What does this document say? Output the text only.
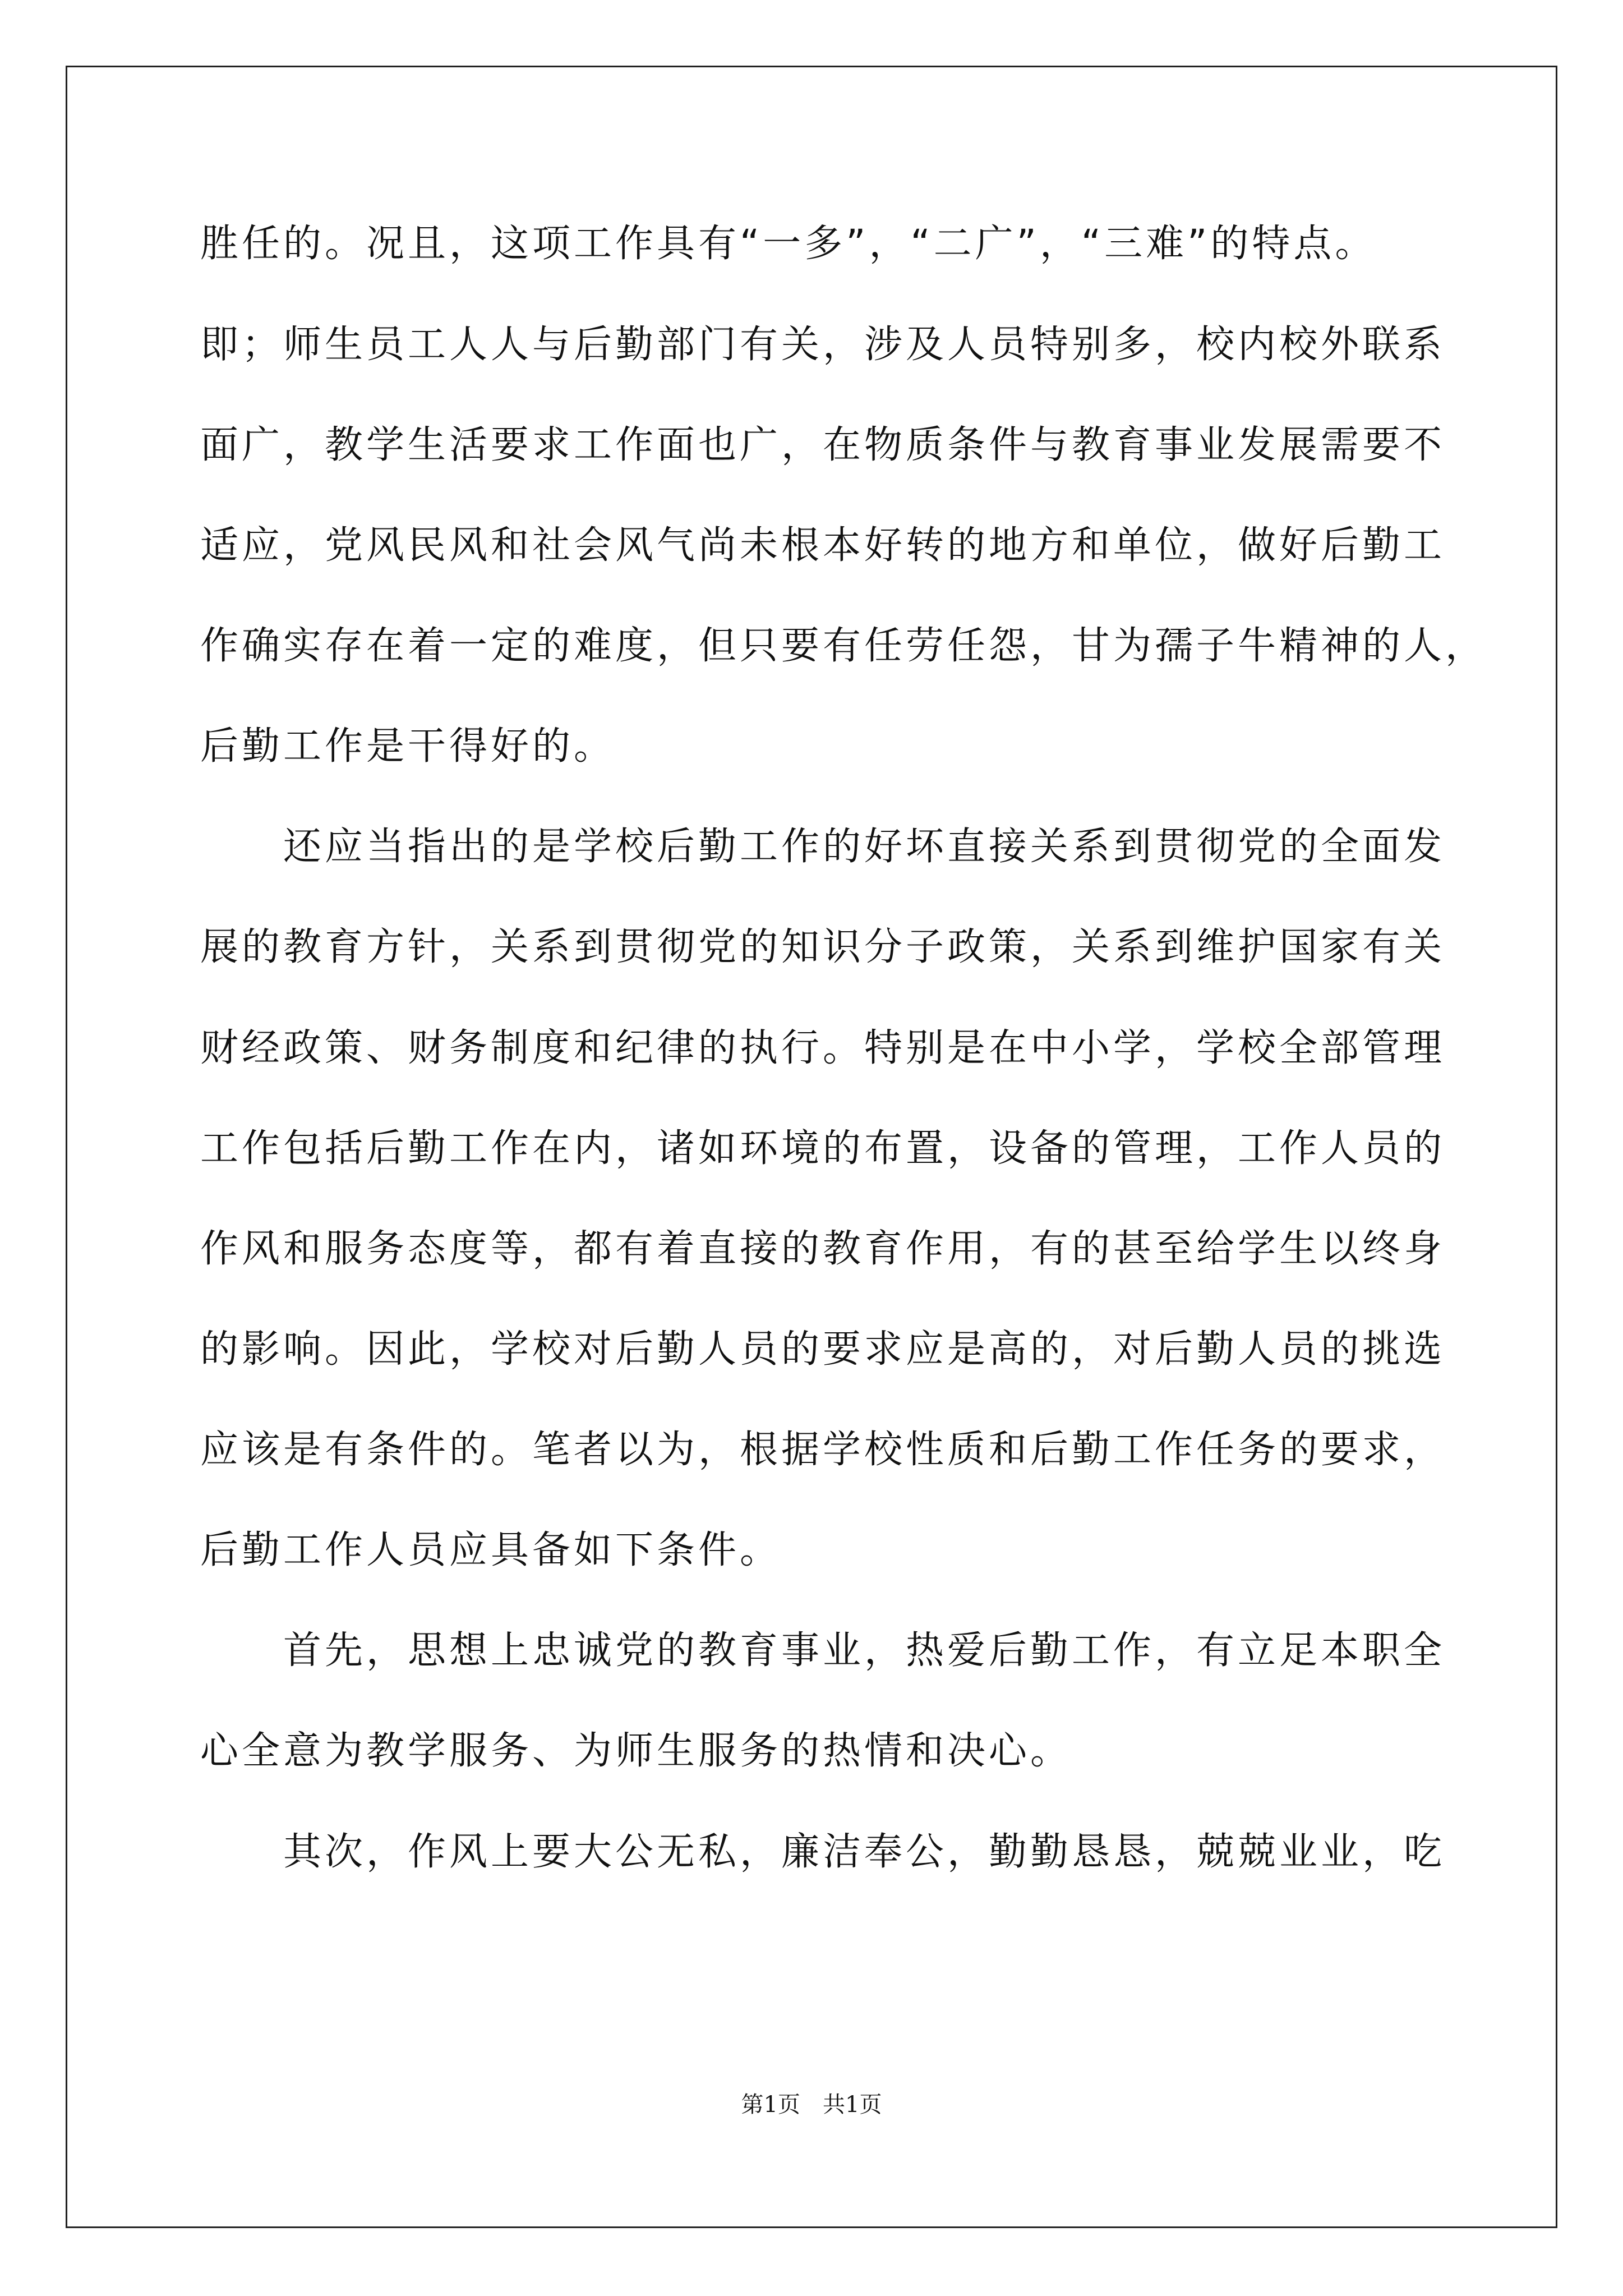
胜任的。况且，这项工作具有“一多”，“二广”，“三难”的特点。
即；师生员工人人与后勤部门有关，涉及人员特别多，校内校外联系
面广，教学生活要求工作面也广，在物质条件与教育事业发展需要不
适应，党风民风和社会风气尚未根本好转的地方和单位，做好后勤工
作确实存在着一定的难度，但只要有任劳任怨，甘为孺子牛精神的人，
后勤工作是干得好的。
还应当指出的是学校后勤工作的好坏直接关系到贯彻党的全面发
展的教育方针，关系到贯彻党的知识分子政策，关系到维护国家有关
财经政策、财务制度和纪律的执行。特别是在中小学，学校全部管理
工作包括后勤工作在内，诸如环境的布置，设备的管理，工作人员的
作风和服务态度等，都有着直接的教育作用，有的甚至给学生以终身
的影响。因此，学校对后勤人员的要求应是高的，对后勤人员的挑选
应该是有条件的。笔者以为，根据学校性质和后勤工作任务的要求，
后勤工作人员应具备如下条件。
首先，思想上忠诚党的教育事业，热爱后勤工作，有立足本职全
心全意为教学服务、为师生服务的热情和决心。
其次，作风上要大公无私，廉洁奉公，勤勤恳恳，兢兢业业，吃
第1页 共1页
